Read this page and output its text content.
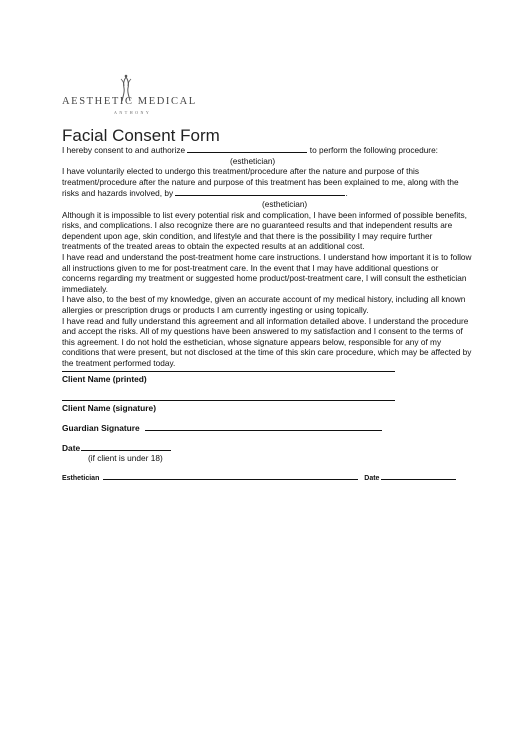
AESTHETIC MEDICAL
ANTHONY
Facial Consent Form

I hereby consent to and authorize	to perform the following procedure:

(esthetician)

I have voluntarily elected to undergo this treatment/procedure after the nature and purpose of this treatment/procedure after the nature and purpose of this treatment has been explained to me, along with the risks and hazards involved, by	.

(esthetician)

Although it is impossible to list every potential risk and complication, I have been informed of possible benefits, risks, and complications. I also recognize there are no guaranteed results and that independent results are dependent upon age, skin condition, and lifestyle and that there is the possibility I may require further treatments of the treated areas to obtain the expected results at an additional cost.

I have read and understand the post-treatment home care instructions. I understand how important it is to follow all instructions given to me for post-treatment care. In the event that I may have additional questions or concerns regarding my treatment or suggested home product/post-treatment care, I will consult the esthetician immediately.

I have also, to the best of my knowledge, given an accurate account of my medical history, including all known allergies or prescription drugs or products I am currently ingesting or using topically.

I have read and fully understand this agreement and all information detailed above. I understand the procedure and accept the risks. All of my questions have been answered to my satisfaction and I consent to the terms of this agreement. I do not hold the esthetician, whose signature appears below, responsible for any of my conditions that were present, but not disclosed at the time of this skin care procedure, which may be affected by the treatment performed today.

Client Name (printed)
Client Name (signature)
Guardian Signature
Date
(if client is under 18)
Esthetician	Date
